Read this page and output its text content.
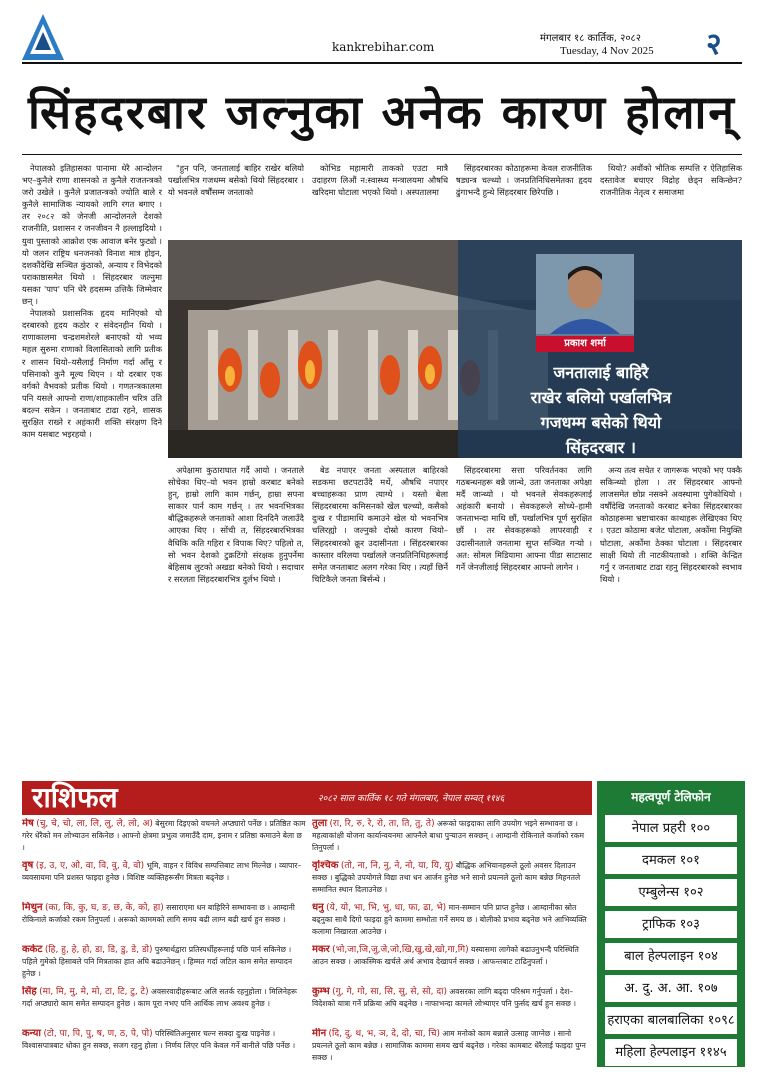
kankrebihar.com
मंगलबार १८ कार्तिक, २०८२
Tuesday, 4 Nov 2025 २
सिंहदरबार जल्नुका अनेक कारण होलान्

नेपालको इतिहासका पानामा धेरै आन्दोलन भए–कुनैले राणा शासनको त कुनैले राजतन्त्रको जरो उखेले । कुनैले प्रजातन्त्रको ज्योति बाले र कुनैले सामाजिक न्यायको लागि रगत बगाए । तर २०८२ को जेनजी आन्दोलनले देशको राजनीति, प्रशासन र जनजीवन नै हल्लाइदियो । युवा पुस्ताको आक्रोश एक आवाज बनेर फुट्यो । यो जलन राष्ट्रिय धनजनको विनाश मात्र होइन, दशकौंदेखि सञ्चित कुंठाको, अन्याय र विभेदको पराकाष्ठासमेत थियो । सिंहदरबार जल्नुमा यसका 'पाप' पनि धेरै हदसम्म उत्तिकै जिम्मेवार छन् ।

नेपालको प्रशासनिक हृदय मानिएको यो दरबारको हृदय कठोर र संवेदनहीन थियो । राणाकालमा चन्द्रशमशेरले बनाएको यो भव्य महल सुरुमा राणाको विलासिताको लागि प्रतीक र शासन थियो–यसैलाई निर्माण गर्दा आँसु र पसिनाको कुनै मूल्य थिएन । यो दरबार एक वर्गको वैभवको प्रतीक थियो । गणतन्त्रकालमा पनि यसले आफ्नो राणा/शाहकालीन चरित्र उति बदल्न सकेन । जनताबाट टाढा रहने, शासक सुरक्षित राख्ने र अहंकारी शक्ति संरक्षण दिने काम यसबाट भइरहयो ।

"हुन पनि, जनतालाई बाहिर राखेर बलियो पर्खालभित्र गजधम्म बसेको थियो सिंहदरबार । यो भवनले वर्षौंसम्म जनताको

कोभिड महामारी ताकको एउटा मात्रै उदाहरण लिऔं न:स्वास्थ्य मन्त्रालयमा औषधि खरिदमा घोटाला भएको थियो । अस्पतालमा

सिंहदरबारका कोठाहरूमा केवल राजनीतिक षड्यन्त्र चल्थ्यो । जनप्रतिनिधिसमेतका हृदय ढुंगाभन्दै हुन्थे सिंहदरबार छिरेपछि ।

थियो? अवौंको भौतिक सम्पत्ति र ऐतिहासिक दस्तावेज बचाएर विद्रोह छेड्न सकिन्छेन? राजनीतिक नेतृत्व र समाजमा

प्रकाश शर्मा
जनतालाई बाहिरै
राखेर बलियो पर्खालभित्र
गजधम्म बसेको थियो
सिंहदरबार ।

अपेक्षामा कुठाराघात गर्दै आयो । जनताले सोचेका थिए–यो भवन हाम्रो करबाट बनेको हुन्, हाम्रो लागि काम गर्छन्, हाम्रा सपना साकार पार्न काम गर्छन् । तर भवनभित्रका बौद्धिकहरूले जनताको आशा दिनदिनै जलाउँदै आएका थिए । सोंची त, सिंहदरबारभित्रका वैधिकि कति गहिरा र विपाक थिए? पहिलो त, सो भवन देशको टुक्रटिंगो संरक्षक हुनुपर्नेमा बेहिसाब लुटको अखडा बनेको थियो । सदाचार र सरलता सिंहदरबारभित्र दुर्लभ थियो ।

बेड नपाएर जनता अस्पताल बाहिरको सडकमा छटपटाउँदै मर्थे, औषधि नपाएर बच्चाहरूका प्राण त्याग्थे । यस्तो बेला सिंहदरबारमा कमिसनको खेल चल्थ्यो, कसैको दुःख र पीडामाथि कमाउने खेल यो भवनभित्र चलिरह्यो । जल्नुको दोस्रो कारण थियो–सिंहदरबारको क्रूर उदासीनता । सिंहदरबारका कास्तार वरिलया पर्खालले जनप्रतिनिधिहरूलाई समेत जनताबाट अलग गरेका थिए । त्यहाँ छिर्ने चिटिकैले जनता बिर्सन्थे ।

सिंहदरबारमा सत्ता परिवर्तनका लागि गठबन्धनहरू बन्नै जान्थे, उता जनताका अपेक्षा मर्दै जान्थ्यो । यो भवनले सेवकहरूलाई अहंकारी बनायो । सेवकहरूले सोच्थे–हामी जनताभन्दा माथि छौं, पर्खालभित्र पूर्ण सुरक्षित छौं । तर सेवकहरूको लापरवाही र उदासीनताले जनतामा सुप्त सञ्चित गर्‍यो । अत: सोमल मिडियामा आफ्ना पीडा साटासाट गर्ने जेनजीलाई सिंहदरबार आफ्नो लागेन ।

अन्य तत्व सचेत र जागरूक भएको भए पक्कै सकिन्थ्यो होला । तर सिंहदरबार आफ्नो लाजसमेत छोप्न नसक्ने अवस्थामा पुगेकोथियो । वर्षौंदेखि जनताको करबाट बनेका सिंहदरबारका कोठाहरूमा भ्रष्टाचारका काथाहरू लेखिएका थिए । एउटा कोठामा बजेट घोटाला, अर्कोमा नियुक्ति घोटाला, अर्कोमा ठेक्का घोटाला । सिंहदरबार साक्षी थियो ती नाटकीयताको । शक्ति केन्द्रित गर्नु र जनताबाट टाढा रहनु सिंहदरबारको स्वभाव थियो ।

राशिफल	२०८२ साल कार्तिक १८ गते मंगलबार, नेपाल सम्वत् ११४६
मेष (चु, चे, चो, ला, लि, लु, ले, लो, अ) बेसुरमा दिइएको वचनले अप्ठ्यारो पर्नेछ । प्रतिष्ठित काम गरेर धेरैको मन लोभ्याउन सकिनेछ । आफ्नो क्षेत्रमा प्रभुत्व जमाउँदै दाम, इनाम र प्रतिष्ठा कमाउने बेला छ ।
वृष (इ, उ, ए, ओ, वा, वि, वु, वे, वो) भूमि, वाहन र विविध सम्पत्तिबाट लाभ मिल्नेछ । व्यापार–व्यवसायमा पनि प्रशस्त फाइदा हुनेछ । विशिष्ट व्यक्तिहरूसँग मित्रता बढ्नेछ ।
मिथुन (का, कि, कु, घ, ङ, छ, के, को, हा) ससाराएमा धन बाहिरिने सम्भावना छ । आम्दानी रोकिनाले कर्जाको रकम तिनुपर्ला । अरूको काममको लागि समय बढी लाग्न बढी खर्च हुन सक्छ ।
कर्कट (हि, हु, हे, हो, डा, डि, डु, डे, डो) पुरुषार्थद्वारा प्रतिस्पर्धीहरूलाई पछि पार्न सकिनेछ । पहिले गुमेको हिसाबले पनि मित्रताका हात अघि बढाउनेछन् । हिम्मत गर्दा जटिल काम समेत सम्पादन हुनेछ ।
सिंह (मा, मि, मु, मे, मो, टा, टि, टु, टे) अवसरवादीहरूबाट अलि सतर्क रहनुहोला । मिलिनेहरू गर्दा अप्ठ्यारो काम समेत सम्पादन हुनेछ । काम पूरा नभए पनि आर्थिक लाभ अवश्य हुनेछ ।
कन्या (टो, पा, पि, पु, ष, ण, ठ, पे, पो) परिस्थितिअनुसार चल्न सक्दा दुःख पाइनेछ । विश्वासपात्रबाट धोका हुन सक्छ, सजग रहनु होला । निर्णय लिएर पनि केवल गर्ने बानीले पछि पर्नेछ ।
तुला (रा, रि, रु, रे, रो, ता, ति, तु, ते) अरूको फाइदाका लागि उपयोग भइने सम्भावना छ । महत्वाकांक्षी योजना कार्यान्वयनमा आफ्नैले बाधा पुर्‍याउन सक्छन् । आम्दानी रोकिनाले कर्जाको रकम तिनुपर्ला ।
वृश्चिक (तो, ना, नि, नु, ने, नो, या, यि, यु) बौद्धिक अभियानहरूले ठूलो अवसर दिलाउन सक्छ । बुद्धिको उपयोगले विद्या तथा धन आर्जन हुनेछ भने सानो प्रयत्नले ठूलो काम बन्नेछ मिहनतले सम्मानित स्थान दिलाउनेछ ।
धनु (ये, यो, भा, भि, भु, धा, फा, ढा, भे) मान-सम्मान पनि प्राप्त हुनेछ । आम्दानीका स्रोत बढ्नुका साथै दिगो फाइदा हुने काममा सम्भोता गर्ने समय छ । बोलीको प्रभाव बढ्नेछ भने आभिव्यक्ति कलामा निखारता आउनेछ ।
मकर (भो,जा,जि,जु,जे,जो,खि,खु,खे,खो,गा,गि) यस्यासमा लागेको बढाउनुभन्दै परिस्थिति आउन सक्छ । आकस्मिक खर्चले अर्थ अभाव देखापर्न सक्छ । आफन्तबाट टाढिनुपर्ला ।
कुम्भ (गु, गे, गो, सा, सि, सु, से, सो, दा) अवसरका लागि बढ्दा परिश्रम गर्नुपर्ला । देश–विदेशको यात्रा गर्ने प्रक्रिया अघि बढ्नेछ । नाफाभन्दा कामले लोभ्याएर पनि फुर्सद खर्च हुन सक्छ ।
मीन (दि, दु, थ, भ, ञ, दे, दो, चा, चि) आम मनोको काम बन्नाले उत्साह जाग्नेछ । सानो प्रयत्नले ठूलो काम बन्नेछ । सामाजिक काममा समय खर्च बढ्नेछ । गरेका कामबाट धेरैलाई फाइदा पुग्न सक्छ ।
महत्वपूर्ण टेलिफोन
नेपाल प्रहरी १००
दमकल १०१
एम्बुलेन्स १०२
ट्राफिक १०३
बाल हेल्पलाइन १०४
अ. दु. अ. आ. १०७
हराएका बालबालिका १०९८
महिला हेल्पलाइन ११४५
